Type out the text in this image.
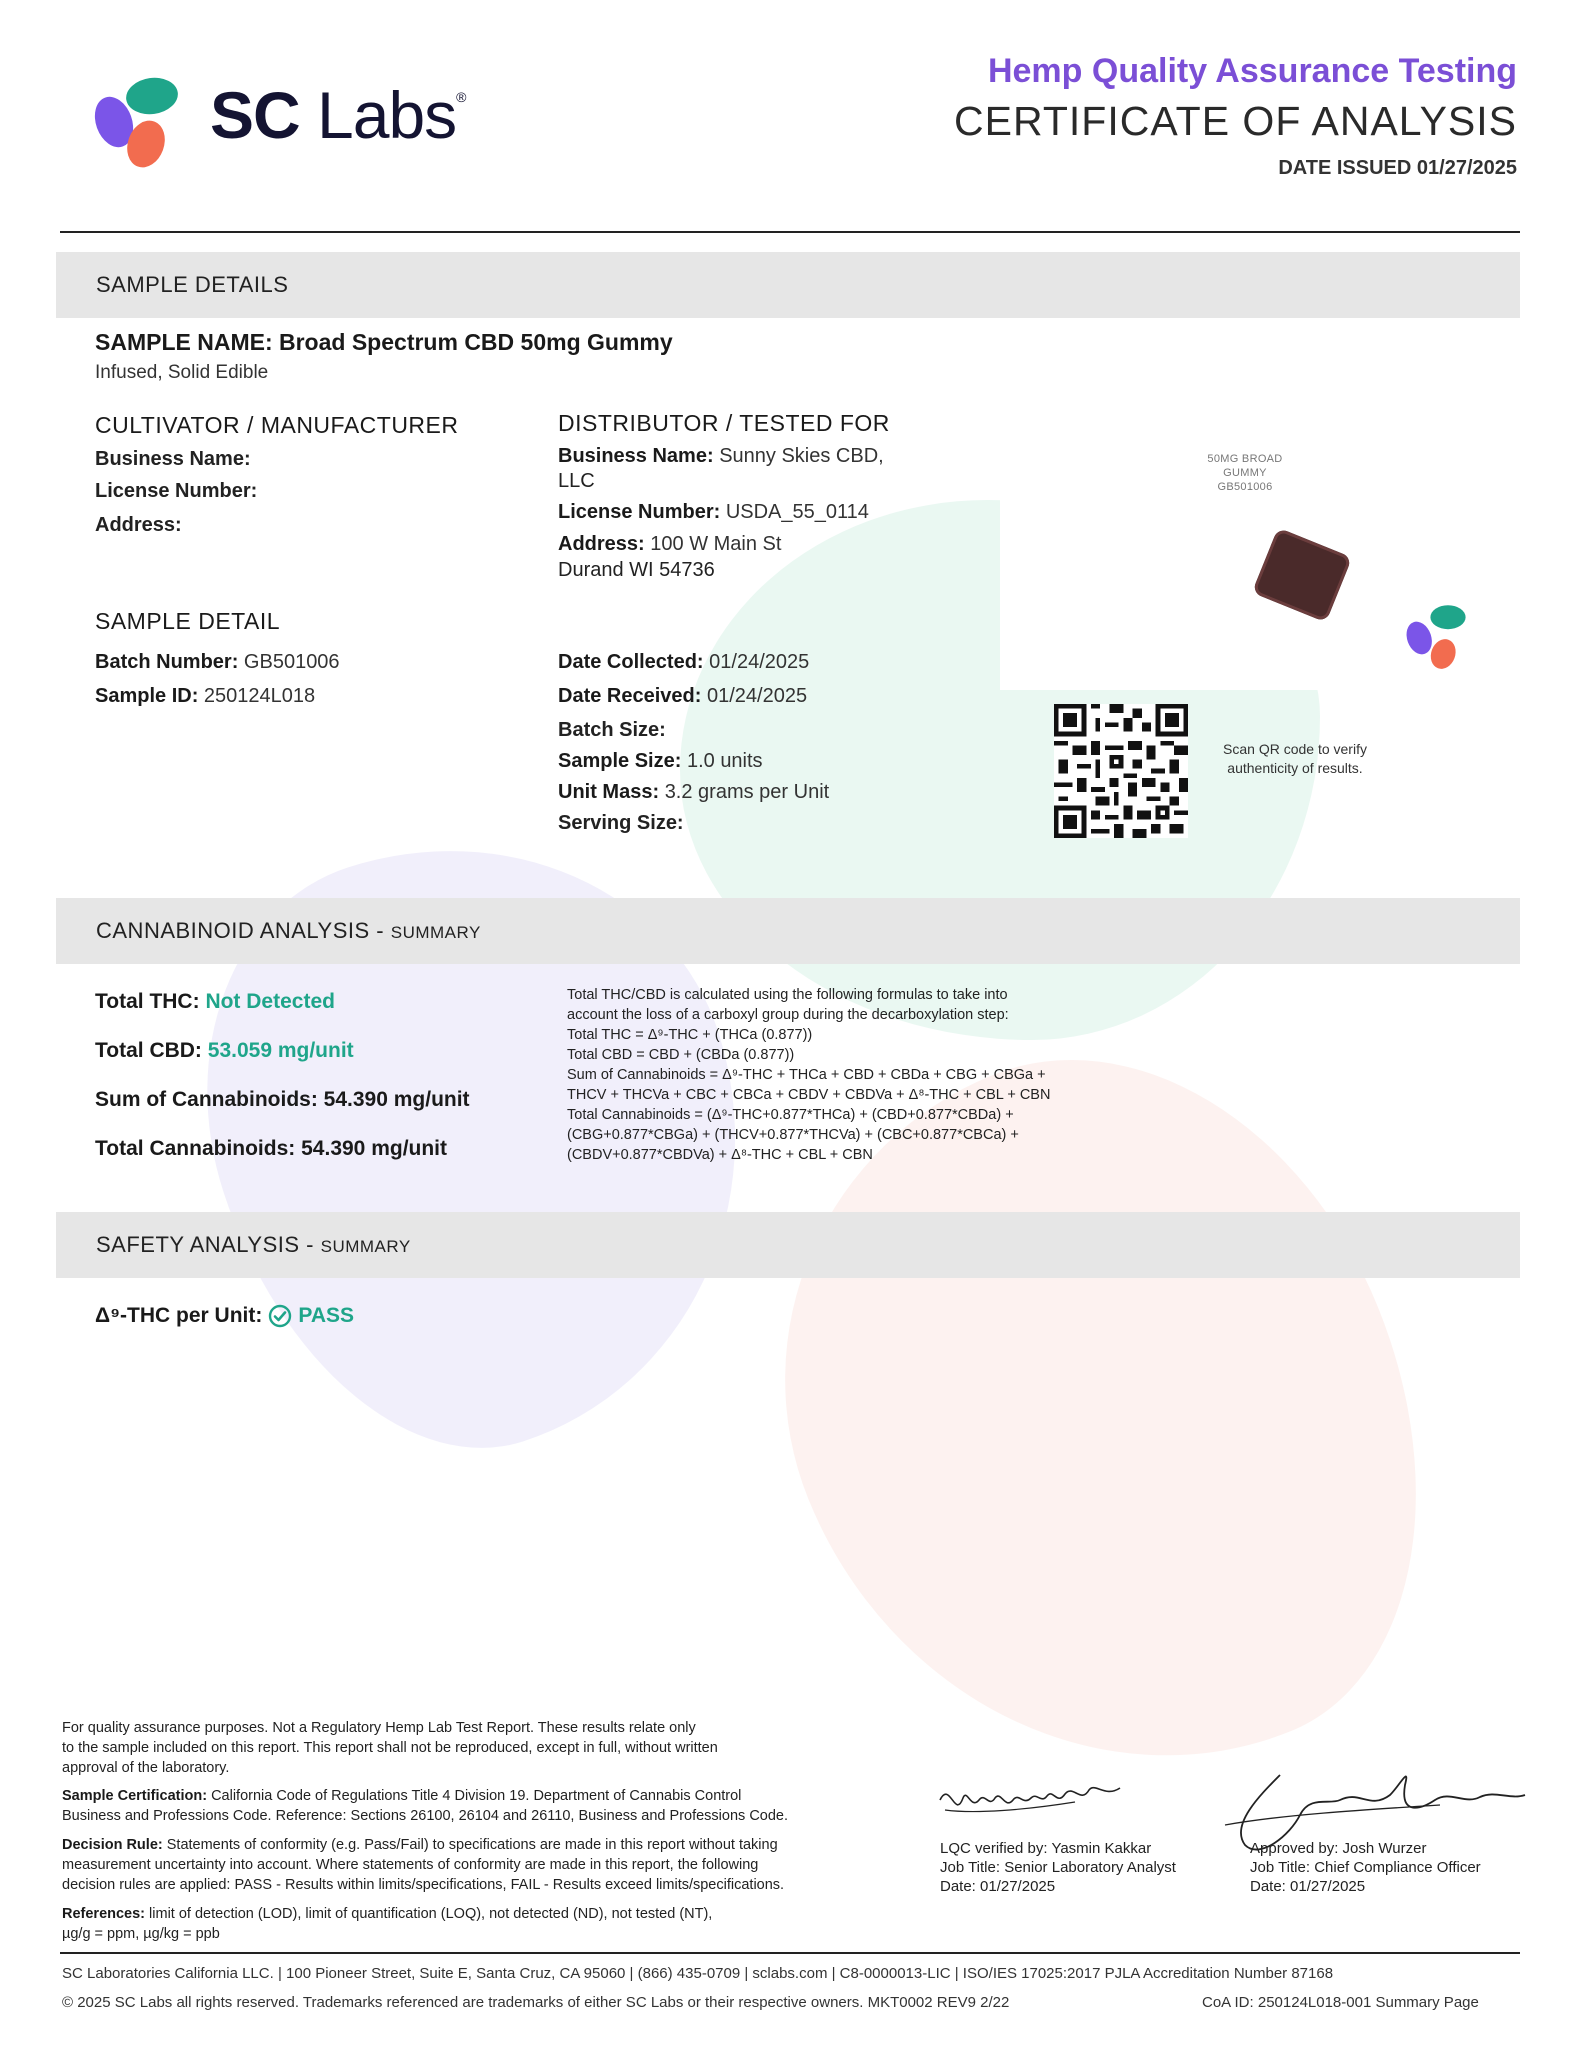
SC Labs®
Hemp Quality Assurance Testing
CERTIFICATE OF ANALYSIS
DATE ISSUED 01/27/2025
SAMPLE DETAILS
SAMPLE NAME: Broad Spectrum CBD 50mg Gummy
Infused, Solid Edible
CULTIVATOR / MANUFACTURER
Business Name:
License Number:
Address:
DISTRIBUTOR / TESTED FOR
Business Name: Sunny Skies CBD,
LLC
License Number: USDA_55_0114
Address: 100 W Main St
Durand WI 54736
SAMPLE DETAIL
Batch Number: GB501006
Sample ID: 250124L018
Date Collected: 01/24/2025
Date Received: 01/24/2025
Batch Size:
Sample Size: 1.0 units
Unit Mass: 3.2 grams per Unit
Serving Size:
50MG BROAD
GUMMY
GB501006
Scan QR code to verify authenticity of results.
CANNABINOID ANALYSIS - SUMMARY
Total THC: Not Detected
Total CBD: 53.059 mg/unit
Sum of Cannabinoids: 54.390 mg/unit
Total Cannabinoids: 54.390 mg/unit
Total THC/CBD is calculated using the following formulas to take into
account the loss of a carboxyl group during the decarboxylation step:
Total THC = Δ⁹-THC + (THCa (0.877))
Total CBD = CBD + (CBDa (0.877))
Sum of Cannabinoids = Δ⁹-THC + THCa + CBD + CBDa + CBG + CBGa +
THCV + THCVa + CBC + CBCa + CBDV + CBDVa + Δ⁸-THC + CBL + CBN
Total Cannabinoids = (Δ⁹-THC+0.877*THCa) + (CBD+0.877*CBDa) +
(CBG+0.877*CBGa) + (THCV+0.877*THCVa) + (CBC+0.877*CBCa) +
(CBDV+0.877*CBDVa) + Δ⁸-THC + CBL + CBN
SAFETY ANALYSIS - SUMMARY
Δ⁹-THC per Unit: PASS
For quality assurance purposes. Not a Regulatory Hemp Lab Test Report. These results relate only
to the sample included on this report. This report shall not be reproduced, except in full, without written
approval of the laboratory.
Sample Certification: California Code of Regulations Title 4 Division 19. Department of Cannabis Control
Business and Professions Code. Reference: Sections 26100, 26104 and 26110, Business and Professions Code.
Decision Rule: Statements of conformity (e.g. Pass/Fail) to specifications are made in this report without taking
measurement uncertainty into account. Where statements of conformity are made in this report, the following
decision rules are applied: PASS - Results within limits/specifications, FAIL - Results exceed limits/specifications.
References: limit of detection (LOD), limit of quantification (LOQ), not detected (ND), not tested (NT),
µg/g = ppm, µg/kg = ppb
LQC verified by: Yasmin Kakkar
Job Title: Senior Laboratory Analyst
Date: 01/27/2025
Approved by: Josh Wurzer
Job Title: Chief Compliance Officer
Date: 01/27/2025
SC Laboratories California LLC. | 100 Pioneer Street, Suite E, Santa Cruz, CA 95060 | (866) 435-0709 | sclabs.com | C8-0000013-LIC | ISO/IES 17025:2017 PJLA Accreditation Number 87168
© 2025 SC Labs all rights reserved. Trademarks referenced are trademarks of either SC Labs or their respective owners. MKT0002 REV9 2/22	CoA ID: 250124L018-001 Summary Page
